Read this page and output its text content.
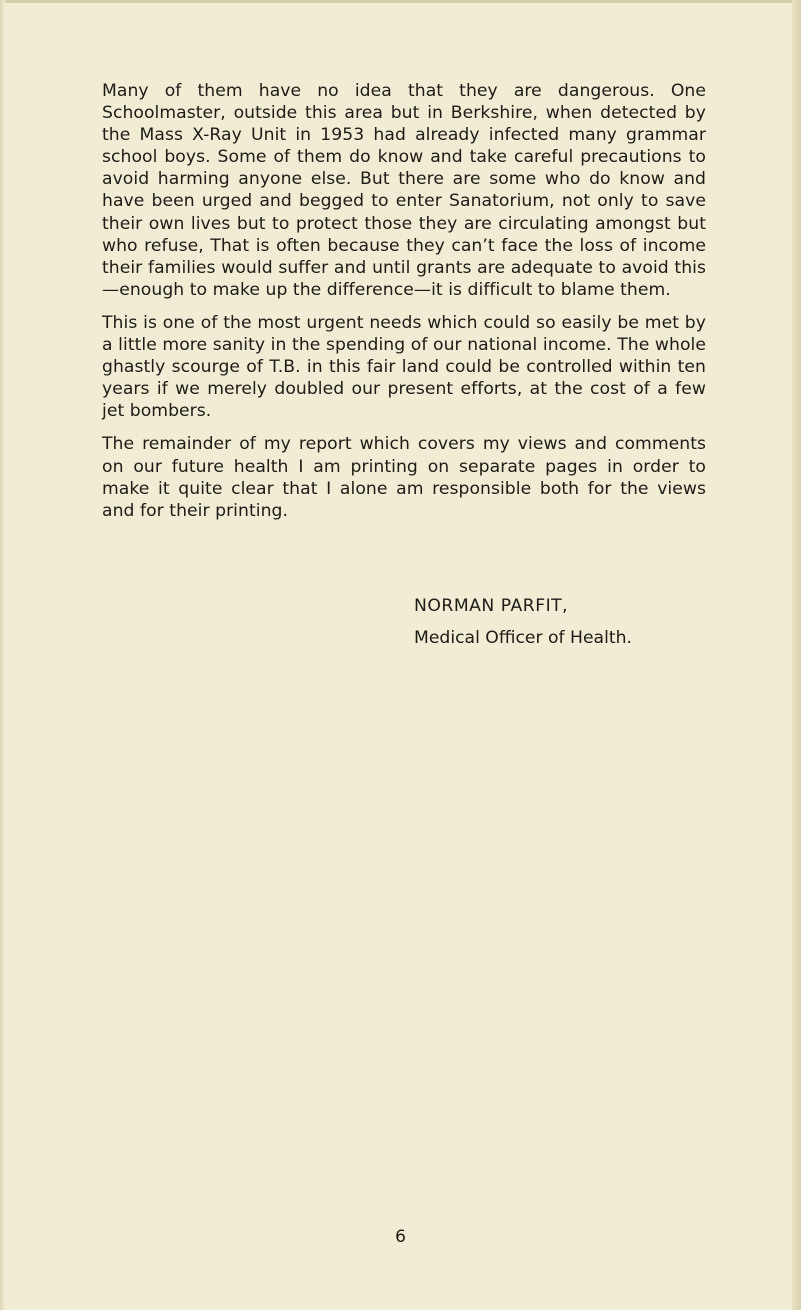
Many of them have no idea that they are dangerous. One Schoolmaster, outside this area but in Berkshire, when detected by the Mass X-Ray Unit in 1953 had already infected many grammar school boys. Some of them do know and take careful precautions to avoid harming anyone else. But there are some who do know and have been urged and begged to enter Sanatorium, not only to save their own lives but to protect those they are circulating amongst but who refuse, That is often because they can’t face the loss of income their families would suffer and until grants are adequate to avoid this—enough to make up the difference—it is difficult to blame them.

This is one of the most urgent needs which could so easily be met by a little more sanity in the spending of our national income. The whole ghastly scourge of T.B. in this fair land could be controlled within ten years if we merely doubled our present efforts, at the cost of a few jet bombers.

The remainder of my report which covers my views and comments on our future health I am printing on separate pages in order to make it quite clear that I alone am responsible both for the views and for their printing.

NORMAN PARFIT,
Medical Officer of Health.
6
